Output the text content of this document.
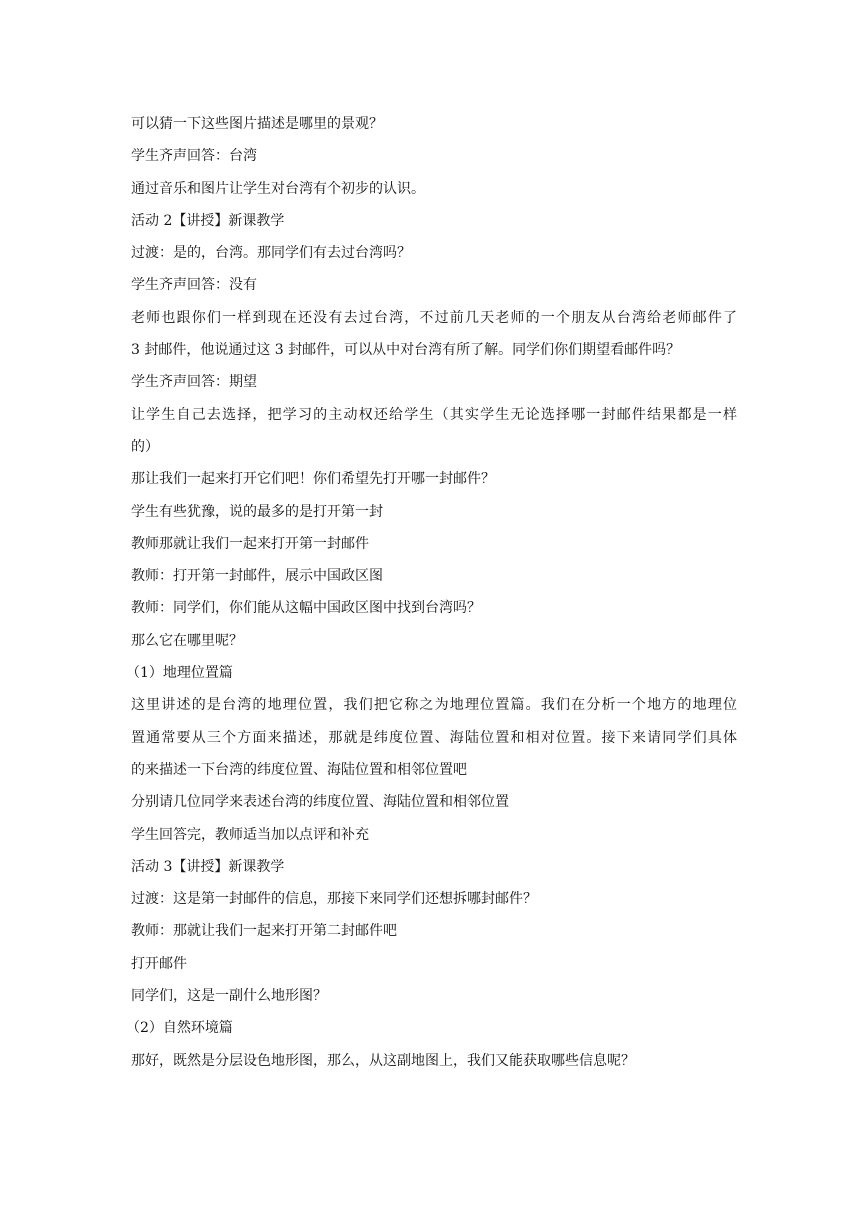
可以猜一下这些图片描述是哪里的景观？
学生齐声回答：台湾
通过音乐和图片让学生对台湾有个初步的认识。
活动 2【讲授】新课教学
过渡：是的，台湾。那同学们有去过台湾吗？
学生齐声回答：没有
老师也跟你们一样到现在还没有去过台湾，不过前几天老师的一个朋友从台湾给老师邮件了
3 封邮件，他说通过这 3 封邮件，可以从中对台湾有所了解。同学们你们期望看邮件吗？
学生齐声回答：期望
让学生自己去选择，把学习的主动权还给学生（其实学生无论选择哪一封邮件结果都是一样
的）
那让我们一起来打开它们吧！你们希望先打开哪一封邮件？
学生有些犹豫，说的最多的是打开第一封
教师那就让我们一起来打开第一封邮件
教师：打开第一封邮件，展示中国政区图
教师：同学们，你们能从这幅中国政区图中找到台湾吗？
那么它在哪里呢？
（1）地理位置篇
这里讲述的是台湾的地理位置，我们把它称之为地理位置篇。我们在分析一个地方的地理位
置通常要从三个方面来描述，那就是纬度位置、海陆位置和相对位置。接下来请同学们具体
的来描述一下台湾的纬度位置、海陆位置和相邻位置吧
分别请几位同学来表述台湾的纬度位置、海陆位置和相邻位置
学生回答完，教师适当加以点评和补充
活动 3【讲授】新课教学
过渡：这是第一封邮件的信息，那接下来同学们还想拆哪封邮件？
教师：那就让我们一起来打开第二封邮件吧
打开邮件
同学们，这是一副什么地形图？
（2）自然环境篇
那好，既然是分层设色地形图，那么，从这副地图上，我们又能获取哪些信息呢？
